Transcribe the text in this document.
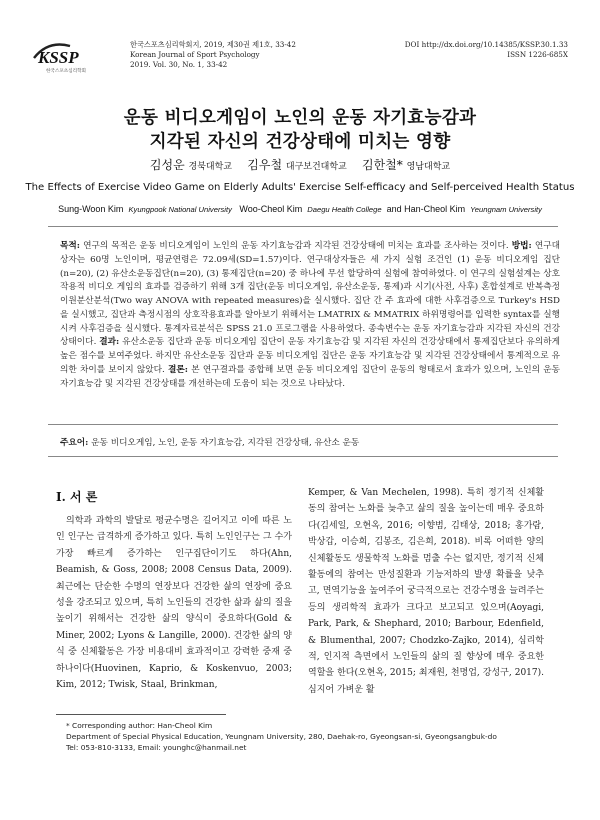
KSSP
한국스포츠심리학회
한국스포츠심리학회지, 2019, 제30권 제1호, 33-42
Korean Journal of Sport Psychology
2019. Vol. 30, No. 1, 33-42
DOI http://dx.doi.org/10.14385/KSSP.30.1.33
ISSN 1226-685X
운동 비디오게임이 노인의 운동 자기효능감과
지각된 자신의 건강상태에 미치는 영향
김성운 경북대학교 김우철 대구보건대학교 김한철* 영남대학교
The Effects of Exercise Video Game on Elderly Adults' Exercise Self-efficacy and Self-perceived Health Status
Sung-Woon Kim Kyungpook National University Woo-Cheol Kim Daegu Health College and Han-Cheol Kim Yeungnam University

목적: 연구의 목적은 운동 비디오게임이 노인의 운동 자기효능감과 지각된 건강상태에 미치는 효과를 조사하는 것이다. 방법: 연구대상자는 60명 노인이며, 평균연령은 72.09세(SD=1.57)이다. 연구대상자들은 세 가지 실험 조건인 (1) 운동 비디오게임 집단(n=20), (2) 유산소운동집단(n=20), (3) 통제집단(n=20) 중 하나에 무선 할당하여 실험에 참여하였다. 이 연구의 실험설계는 상호작용적 비디오 게임의 효과를 검증하기 위해 3개 집단(운동 비디오게임, 유산소운동, 통제)과 시기(사전, 사후) 혼합설계로 반복측정 이원분산분석(Two way ANOVA with repeated measures)을 실시했다. 집단 간 주 효과에 대한 사후검증으로 Turkey's HSD을 실시했고, 집단과 측정시점의 상호작용효과를 알아보기 위해서는 LMATRIX & MMATRIX 하위명령어를 입력한 syntax를 실행시켜 사후검증을 실시했다. 통계자료분석은 SPSS 21.0 프로그램을 사용하였다. 종속변수는 운동 자기효능감과 지각된 자신의 건강상태이다. 결과: 유산소운동 집단과 운동 비디오게임 집단이 운동 자기효능감 및 지각된 자신의 건강상태에서 통제집단보다 유의하게 높은 점수를 보여주었다. 하지만 유산소운동 집단과 운동 비디오게임 집단은 운동 자기효능감 및 지각된 건강상태에서 통계적으로 유의한 차이를 보이지 않았다. 결론: 본 연구결과를 종합해 보면 운동 비디오게임 집단이 운동의 형태로서 효과가 있으며, 노인의 운동 자기효능감 및 지각된 건강상태를 개선하는데 도움이 되는 것으로 나타났다.

주요어: 운동 비디오게임, 노인, 운동 자기효능감, 지각된 건강상태, 유산소 운동
I. 서 론

의학과 과학의 발달로 평균수명은 길어지고 이에 따른 노인 인구는 급격하게 증가하고 있다. 특히 노인인구는 그 수가 가장 빠르게 증가하는 인구집단이기도 하다(Ahn, Beamish, & Goss, 2008; 2008 Census Data, 2009). 최근에는 단순한 수명의 연장보다 건강한 삶의 연장에 중요성을 강조되고 있으며, 특히 노인들의 건강한 삶과 삶의 질을 높이기 위해서는 건강한 삶의 양식이 중요하다(Gold & Miner, 2002; Lyons & Langille, 2000). 건강한 삶의 양식 중 신체활동은 가장 비용대비 효과적이고 강력한 중재 중 하나이다(Huovinen, Kaprio, & Koskenvuo, 2003; Kim, 2012; Twisk, Staal, Brinkman,

Kemper, & Van Mechelen, 1998). 특히 정기적 신체활동의 참여는 노화를 늦추고 삶의 질을 높이는데 매우 중요하다(김세일, 오현옥, 2016; 이향범, 김태상, 2018; 홍가람, 박상갑, 이승희, 김봉조, 김은희, 2018). 비록 어떠한 양의 신체활동도 생물학적 노화를 멈출 수는 없지만, 정기적 신체활동에의 참여는 만성질환과 기능저하의 발생 확률을 낮추고, 면역기능을 높여주어 궁극적으로는 건강수명을 늘려주는 등의 생리학적 효과가 크다고 보고되고 있으며(Aoyagi, Park, Park, & Shephard, 2010; Barbour, Edenfield, & Blumenthal, 2007; Chodzko-Zajko, 2014), 심리학적, 인지적 측면에서 노인들의 삶의 질 향상에 매우 중요한 역할을 한다(오현옥, 2015; 최재원, 천명업, 강성구, 2017). 심지어 가벼운 활

* Corresponding author: Han-Cheol Kim
Department of Special Physical Education, Yeungnam University, 280, Daehak-ro, Gyeongsan-si, Gyeongsangbuk-do
Tel: 053-810-3133, Email: younghc@hanmail.net
